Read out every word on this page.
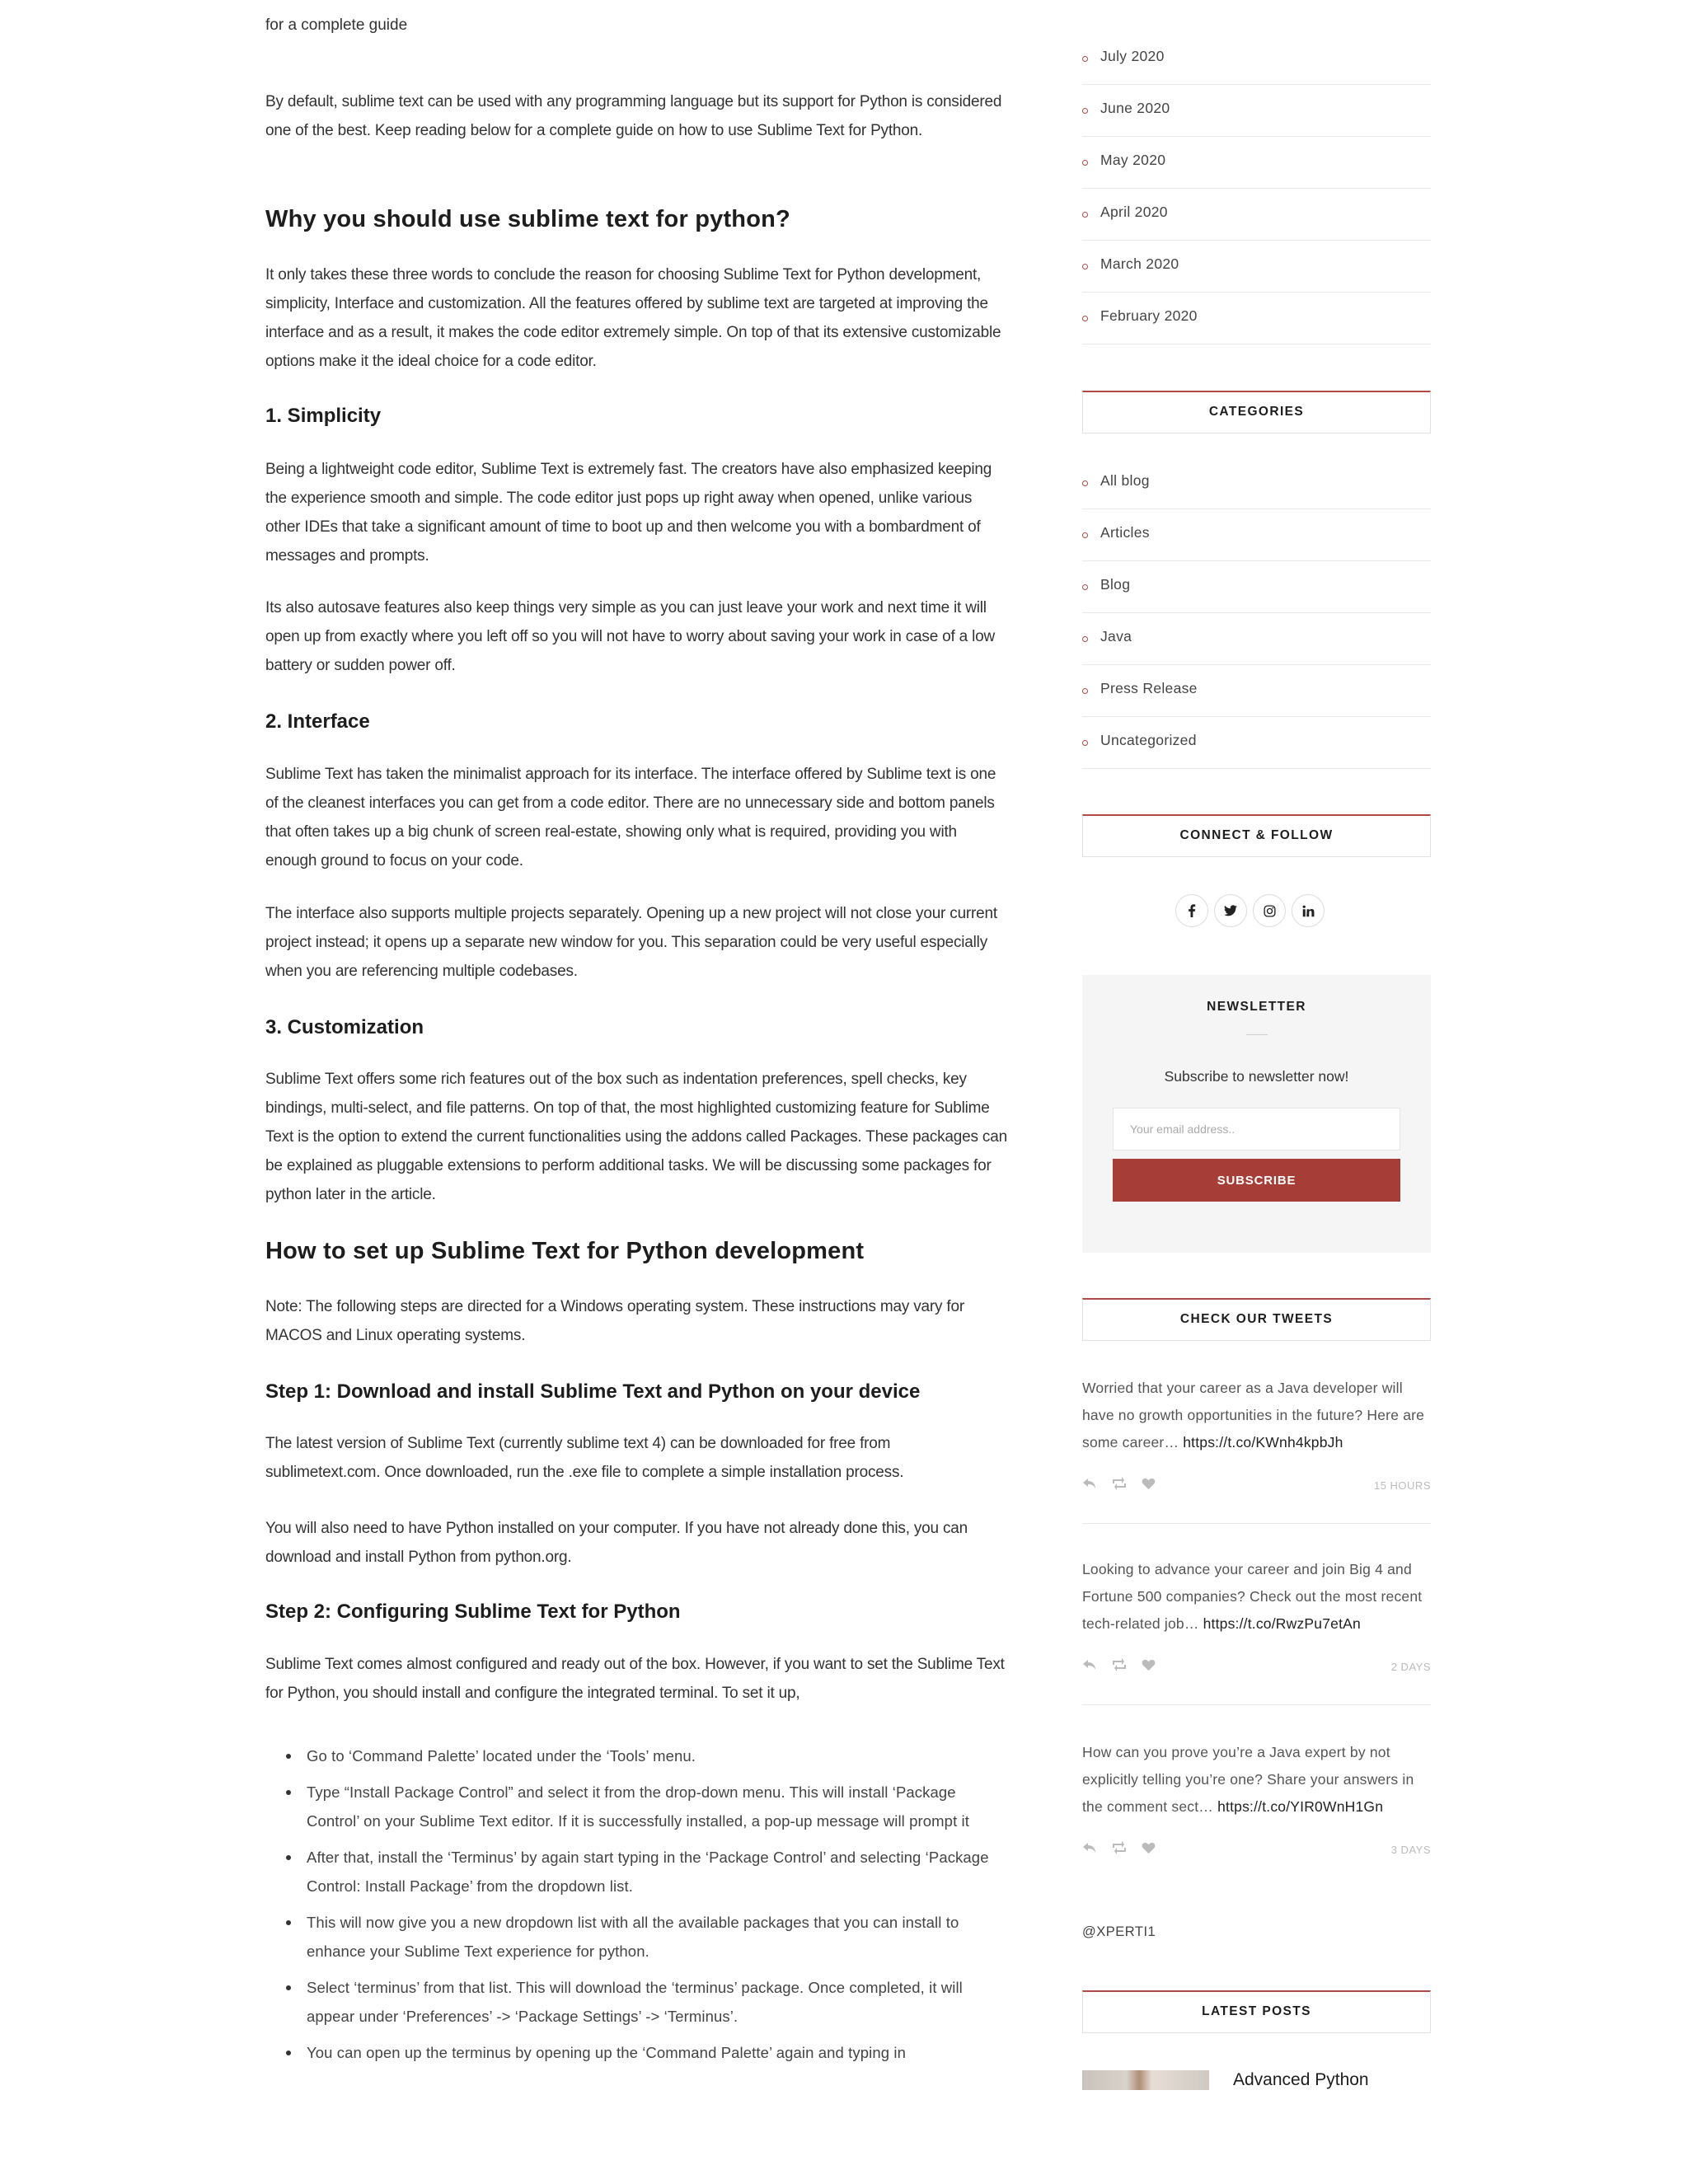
for a complete guide

By default, sublime text can be used with any programming language but its support for Python is considered one of the best. Keep reading below for a complete guide on how to use Sublime Text for Python.

Why you should use sublime text for python?

It only takes these three words to conclude the reason for choosing Sublime Text for Python development, simplicity, Interface and customization. All the features offered by sublime text are targeted at improving the interface and as a result, it makes the code editor extremely simple. On top of that its extensive customizable options make it the ideal choice for a code editor.

1. Simplicity

Being a lightweight code editor, Sublime Text is extremely fast. The creators have also emphasized keeping the experience smooth and simple. The code editor just pops up right away when opened, unlike various other IDEs that take a significant amount of time to boot up and then welcome you with a bombardment of messages and prompts.

Its also autosave features also keep things very simple as you can just leave your work and next time it will open up from exactly where you left off so you will not have to worry about saving your work in case of a low battery or sudden power off.

2. Interface

Sublime Text has taken the minimalist approach for its interface. The interface offered by Sublime text is one of the cleanest interfaces you can get from a code editor. There are no unnecessary side and bottom panels that often takes up a big chunk of screen real-estate, showing only what is required, providing you with enough ground to focus on your code.

The interface also supports multiple projects separately. Opening up a new project will not close your current project instead; it opens up a separate new window for you. This separation could be very useful especially when you are referencing multiple codebases.

3. Customization

Sublime Text offers some rich features out of the box such as indentation preferences, spell checks, key bindings, multi-select, and file patterns. On top of that, the most highlighted customizing feature for Sublime Text is the option to extend the current functionalities using the addons called Packages. These packages can be explained as pluggable extensions to perform additional tasks. We will be discussing some packages for python later in the article.

How to set up Sublime Text for Python development

Note: The following steps are directed for a Windows operating system. These instructions may vary for MACOS and Linux operating systems.

Step 1: Download and install Sublime Text and Python on your device

The latest version of Sublime Text (currently sublime text 4) can be downloaded for free from sublimetext.com. Once downloaded, run the .exe file to complete a simple installation process.

You will also need to have Python installed on your computer. If you have not already done this, you can download and install Python from python.org.

Step 2: Configuring Sublime Text for Python

Sublime Text comes almost configured and ready out of the box. However, if you want to set the Sublime Text for Python, you should install and configure the integrated terminal. To set it up,

Go to ‘Command Palette’ located under the ‘Tools’ menu.
Type “Install Package Control” and select it from the drop-down menu. This will install ‘Package Control’ on your Sublime Text editor. If it is successfully installed, a pop-up message will prompt it
After that, install the ‘Terminus’ by again start typing in the ‘Package Control’ and selecting ‘Package Control: Install Package’ from the dropdown list.
This will now give you a new dropdown list with all the available packages that you can install to enhance your Sublime Text experience for python.
Select ‘terminus’ from that list. This will download the ‘terminus’ package. Once completed, it will appear under ‘Preferences’ -> ‘Package Settings’ -> ‘Terminus’.
You can open up the terminus by opening up the ‘Command Palette’ again and typing in
July 2020
June 2020
May 2020
April 2020
March 2020
February 2020
CATEGORIES
All blog
Articles
Blog
Java
Press Release
Uncategorized
CONNECT & FOLLOW
NEWSLETTER
Subscribe to newsletter now!
Your email address..
SUBSCRIBE
CHECK OUR TWEETS
Worried that your career as a Java developer will have no growth opportunities in the future? Here are some career… https://t.co/KWnh4kpbJh
15 HOURS
Looking to advance your career and join Big 4 and Fortune 500 companies? Check out the most recent tech-related job… https://t.co/RwzPu7etAn
2 DAYS
How can you prove you’re a Java expert by not explicitly telling you’re one? Share your answers in the comment sect… https://t.co/YIR0WnH1Gn
3 DAYS
@XPERTI1
LATEST POSTS
Advanced Python
